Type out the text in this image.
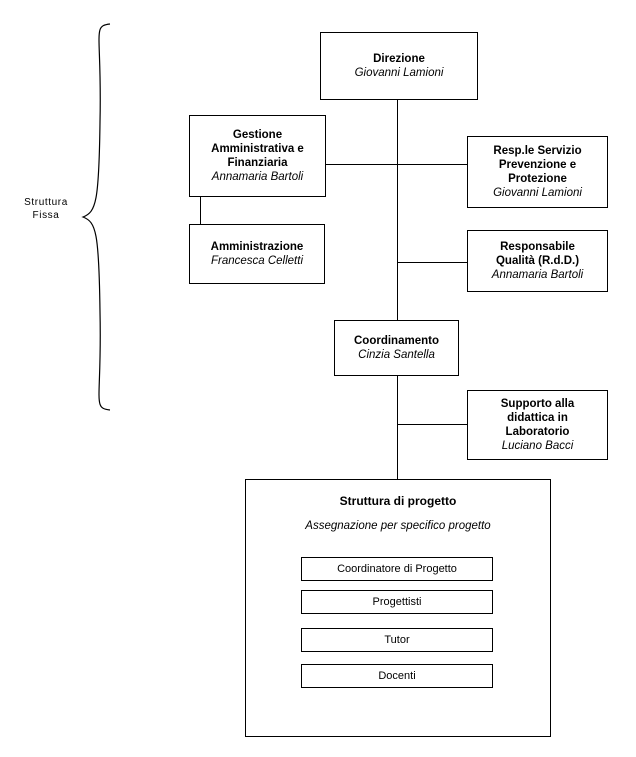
Struttura
Fissa
Direzione
Giovanni Lamioni
Gestione
Amministrativa e
Finanziaria
Annamaria Bartoli
Amministrazione
Francesca Celletti
Resp.le Servizio
Prevenzione e
Protezione
Giovanni Lamioni
Responsabile
Qualità (R.d.D.)
Annamaria Bartoli
Coordinamento
Cinzia Santella
Supporto alla
didattica in
Laboratorio
Luciano Bacci
Struttura di progetto
Assegnazione per specifico progetto
Coordinatore di Progetto
Progettisti
Tutor
Docenti
